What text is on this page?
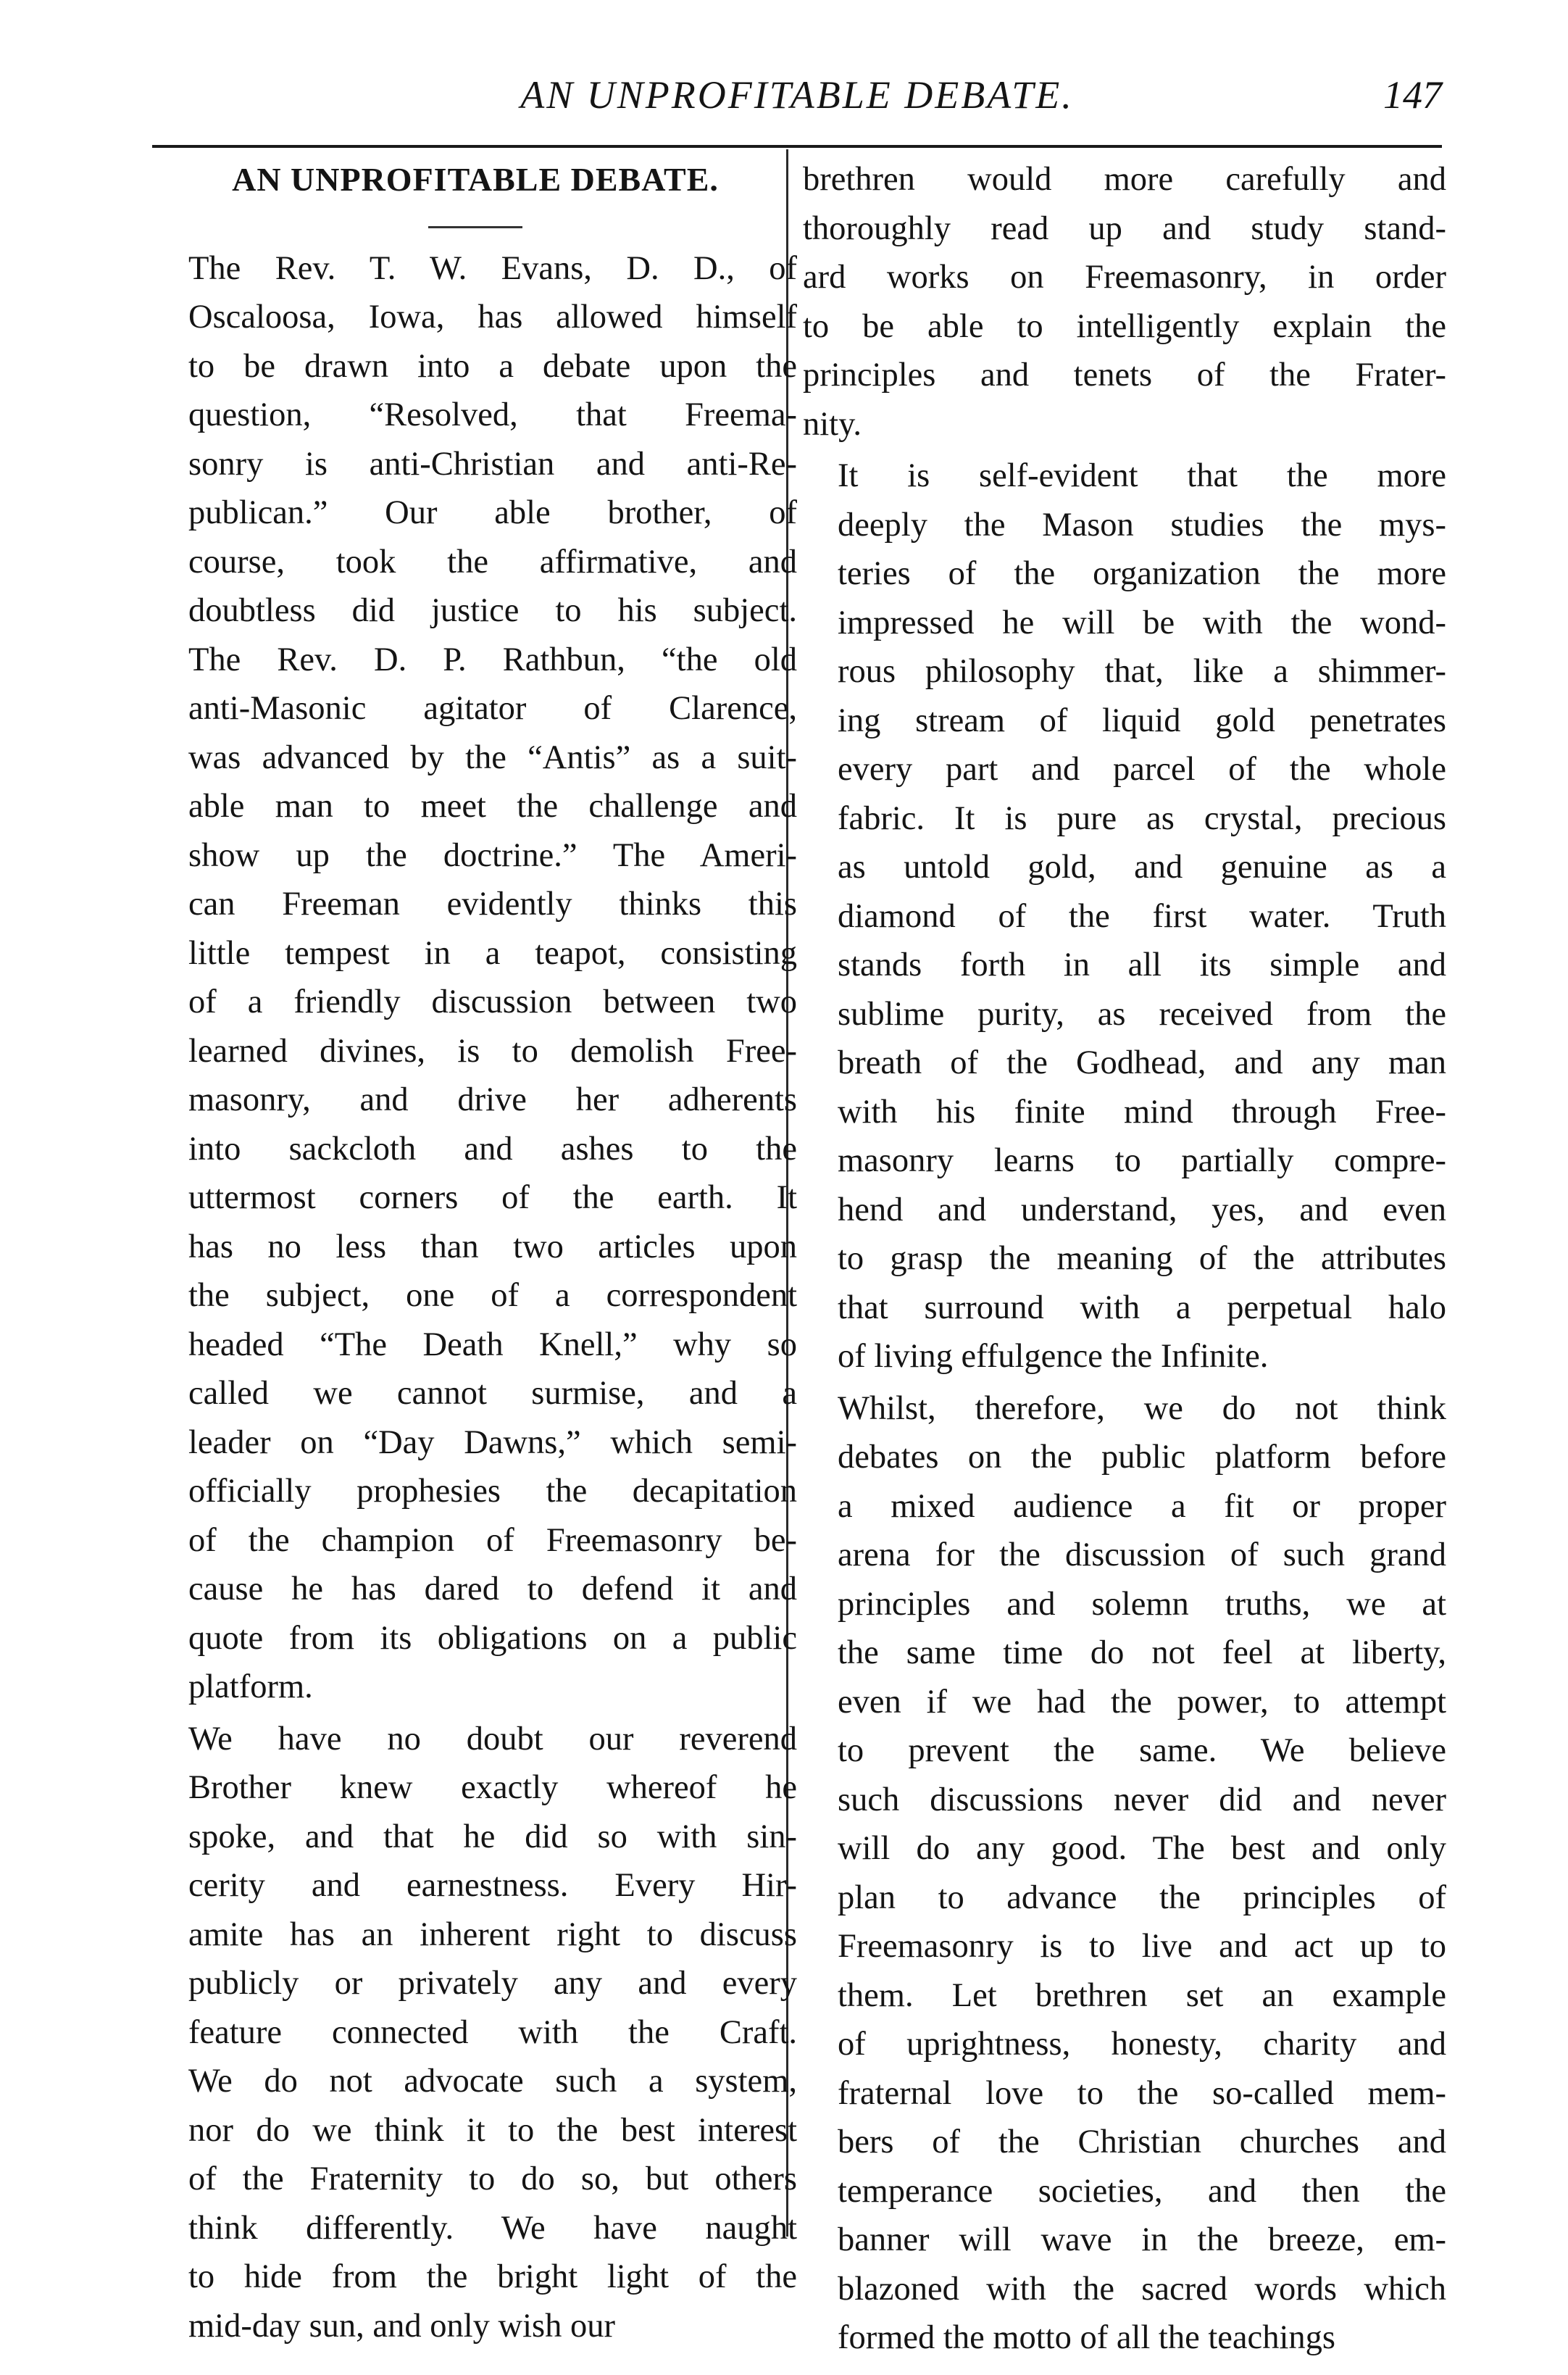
AN UNPROFITABLE DEBATE.	147
AN UNPROFITABLE DEBATE.

The Rev. T. W. Evans, D. D., of
Oscaloosa, Iowa, has allowed himself
to be drawn into a debate upon the
question, “Resolved, that Freema-
sonry is anti-Christian and anti-Re-
publican.” Our able brother, of
course, took the affirmative, and
doubtless did justice to his subject.
The Rev. D. P. Rathbun, “the old
anti-Masonic agitator of Clarence,
was advanced by the “Antis” as a suit-
able man to meet the challenge and
show up the doctrine.” The Ameri-
can Freeman evidently thinks this
little tempest in a teapot, consisting
of a friendly discussion between two
learned divines, is to demolish Free-
masonry, and drive her adherents
into sackcloth and ashes to the
uttermost corners of the earth. It
has no less than two articles upon
the subject, one of a correspondent
headed “The Death Knell,” why so
called we cannot surmise, and a
leader on “Day Dawns,” which semi-
officially prophesies the decapitation
of the champion of Freemasonry be-
cause he has dared to defend it and
quote from its obligations on a public
platform.

We have no doubt our reverend
Brother knew exactly whereof he
spoke, and that he did so with sin-
cerity and earnestness. Every Hir-
amite has an inherent right to discuss
publicly or privately any and every
feature connected with the Craft.
We do not advocate such a system,
nor do we think it to the best interest
of the Fraternity to do so, but others
think differently. We have naught
to hide from the bright light of the
mid-day sun, and only wish our

brethren would more carefully and
thoroughly read up and study stand-
ard works on Freemasonry, in order
to be able to intelligently explain the
principles and tenets of the Frater-
nity.

It is self-evident that the more
deeply the Mason studies the mys-
teries of the organization the more
impressed he will be with the wond-
rous philosophy that, like a shimmer-
ing stream of liquid gold penetrates
every part and parcel of the whole
fabric. It is pure as crystal, precious
as untold gold, and genuine as a
diamond of the first water. Truth
stands forth in all its simple and
sublime purity, as received from the
breath of the Godhead, and any man
with his finite mind through Free-
masonry learns to partially compre-
hend and understand, yes, and even
to grasp the meaning of the attributes
that surround with a perpetual halo
of living effulgence the Infinite.

Whilst, therefore, we do not think
debates on the public platform before
a mixed audience a fit or proper
arena for the discussion of such grand
principles and solemn truths, we at
the same time do not feel at liberty,
even if we had the power, to attempt
to prevent the same. We believe
such discussions never did and never
will do any good. The best and only
plan to advance the principles of
Freemasonry is to live and act up to
them. Let brethren set an example
of uprightness, honesty, charity and
fraternal love to the so-called mem-
bers of the Christian churches and
temperance societies, and then the
banner will wave in the breeze, em-
blazoned with the sacred words which
formed the motto of all the teachings
